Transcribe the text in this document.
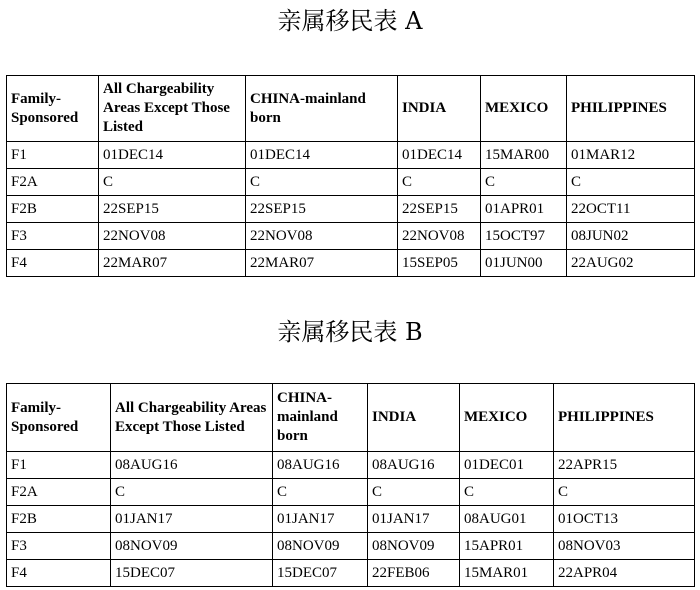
亲属移民表 A
Family-Sponsored	All Chargeability Areas Except Those Listed	CHINA-mainland born	INDIA	MEXICO	PHILIPPINES
F1	01DEC14	01DEC14	01DEC14	15MAR00	01MAR12
F2A	C	C	C	C	C
F2B	22SEP15	22SEP15	22SEP15	01APR01	22OCT11
F3	22NOV08	22NOV08	22NOV08	15OCT97	08JUN02
F4	22MAR07	22MAR07	15SEP05	01JUN00	22AUG02
亲属移民表 B
Family-Sponsored	All Chargeability Areas Except Those Listed	CHINA-mainland born	INDIA	MEXICO	PHILIPPINES
F1	08AUG16	08AUG16	08AUG16	01DEC01	22APR15
F2A	C	C	C	C	C
F2B	01JAN17	01JAN17	01JAN17	08AUG01	01OCT13
F3	08NOV09	08NOV09	08NOV09	15APR01	08NOV03
F4	15DEC07	15DEC07	22FEB06	15MAR01	22APR04
